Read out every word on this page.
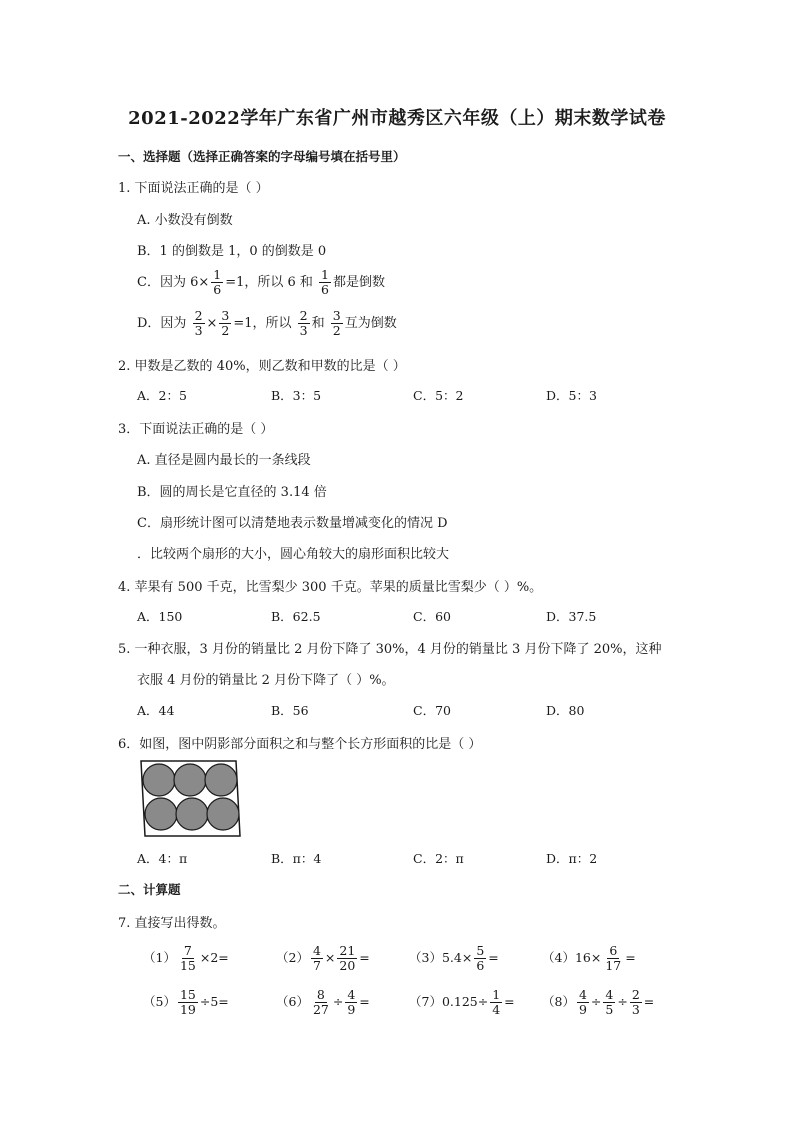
2021-2022学年广东省广州市越秀区六年级（上）期末数学试卷
一、选择题（选择正确答案的字母编号填在括号里）
1. 下面说法正确的是（ ）
A. 小数没有倒数
B．1 的倒数是 1，0 的倒数是 0
C．因为 $6\times \frac{1}{6} =1$，所以 6 和 $\frac{1}{6}$ 都是倒数
D．因为 $\frac{2}{3} \times \frac{3}{2} =1$，所以 $\frac{2}{3}$ 和 $\frac{3}{2}$ 互为倒数
2. 甲数是乙数的 40%，则乙数和甲数的比是（ ）
A．2：5	B．3：5	C．5：2	D．5：3
3．下面说法正确的是（ ）
A. 直径是圆内最长的一条线段
B．圆的周长是它直径的 3.14 倍
C．扇形统计图可以清楚地表示数量增减变化的情况 D
．比较两个扇形的大小，圆心角较大的扇形面积比较大
4. 苹果有 500 千克，比雪梨少 300 千克。苹果的质量比雪梨少（ ）%。
A．150	B．62.5	C．60	D．37.5
5. 一种衣服，3 月份的销量比 2 月份下降了 30%，4 月份的销量比 3 月份下降了 20%，这种
衣服 4 月份的销量比 2 月份下降了（ ）%。
A．44	B．56	C．70	D．80
6．如图，图中阴影部分面积之和与整个长方形面积的比是（ ）
A．4：π	B．π：4	C．2：π	D．π：2
二、计算题
7. 直接写出得数。
$(1) \frac{7}{15} \times 2=$	$(2) \frac{4}{7} \times \frac{21}{20}$ =	$(3)5.4\times \frac{5}{6}$ =	$(4)16\times \frac{6}{17}$ =
$(5) \frac{15}{19} \div 5=$	$(6) \frac{8}{27} \div \frac{4}{9}$ =	$(7)0.125\div \frac{1}{4} = (8) \frac{4}{9} \div \frac{4}{5} \div \frac{2}{3}$ =
